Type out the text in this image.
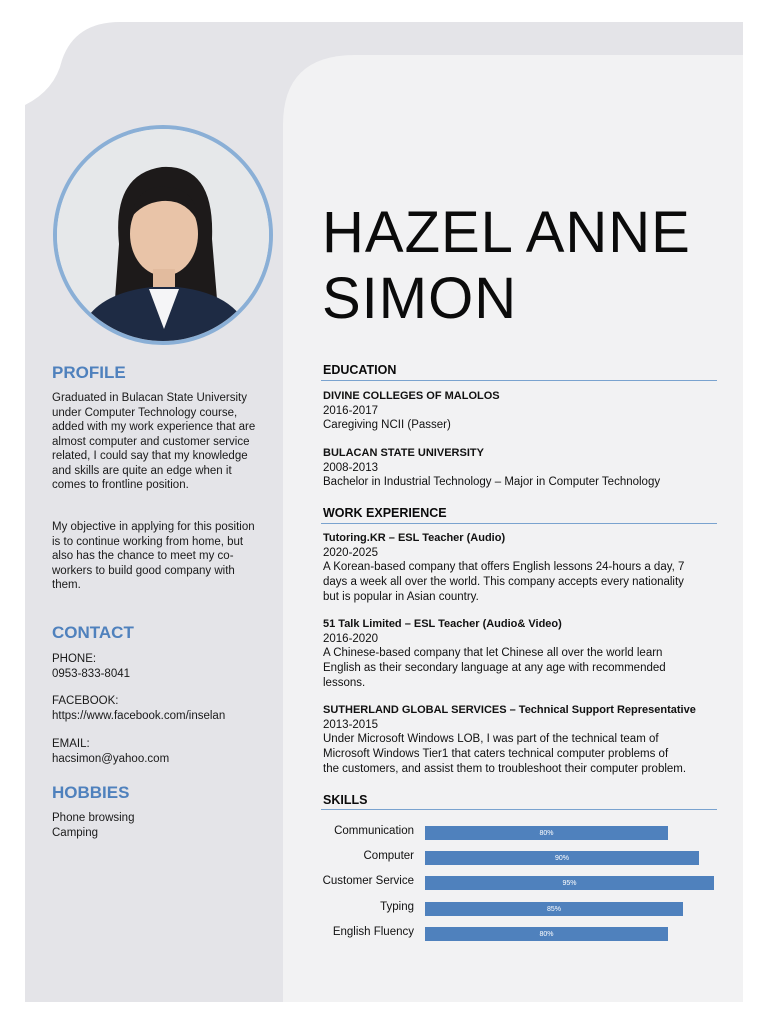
PROFILE

Graduated in Bulacan State University under Computer Technology course, added with my work experience that are almost computer and customer service related, I could say that my knowledge and skills are quite an edge when it comes to frontline position.

My objective in applying for this position is to continue working from home, but also has the chance to meet my co-workers to build good company with them.

CONTACT
PHONE:
0953-833-8041
FACEBOOK:
https://www.facebook.com/inselan
EMAIL:
hacsimon@yahoo.com
HOBBIES
Phone browsing
Camping
HAZEL ANNE
SIMON
EDUCATION
DIVINE COLLEGES OF MALOLOS
2016-2017
Caregiving NCII (Passer)
BULACAN STATE UNIVERSITY
2008-2013
Bachelor in Industrial Technology – Major in Computer Technology
WORK EXPERIENCE
Tutoring.KR – ESL Teacher (Audio)
2020-2025
A Korean-based company that offers English lessons 24-hours a day, 7
days a week all over the world. This company accepts every nationality
but is popular in Asian country.
51 Talk Limited – ESL Teacher (Audio& Video)
2016-2020
A Chinese-based company that let Chinese all over the world learn
English as their secondary language at any age with recommended
lessons.
SUTHERLAND GLOBAL SERVICES – Technical Support Representative
2013-2015
Under Microsoft Windows LOB, I was part of the technical team of
Microsoft Windows Tier1 that caters technical computer problems of
the customers, and assist them to troubleshoot their computer problem.
SKILLS
Communication	80%
Computer	90%
Customer Service	95%
Typing	85%
English Fluency	80%
